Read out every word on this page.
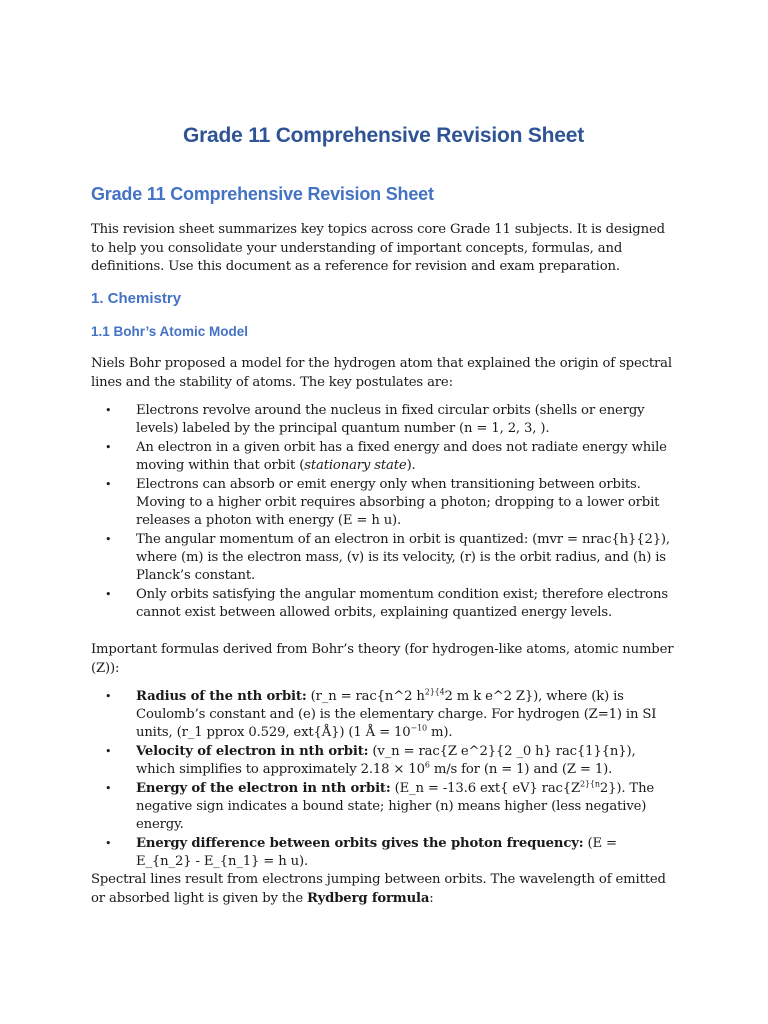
Grade 11 Comprehensive Revision Sheet
Grade 11 Comprehensive Revision Sheet

This revision sheet summarizes key topics across core Grade 11 subjects. It is designed to help you consolidate your understanding of important concepts, formulas, and definitions. Use this document as a reference for revision and exam preparation.

1. Chemistry
1.1 Bohr’s Atomic Model

Niels Bohr proposed a model for the hydrogen atom that explained the origin of spectral lines and the stability of atoms. The key postulates are:

• Electrons revolve around the nucleus in fixed circular orbits (shells or energy levels) labeled by the principal quantum number (n = 1, 2, 3, ).
• An electron in a given orbit has a fixed energy and does not radiate energy while moving within that orbit (stationary state).
• Electrons can absorb or emit energy only when transitioning between orbits. Moving to a higher orbit requires absorbing a photon; dropping to a lower orbit releases a photon with energy (E = h u).
• The angular momentum of an electron in orbit is quantized: (mvr = nrac{h}{2}), where (m) is the electron mass, (v) is its velocity, (r) is the orbit radius, and (h) is Planck’s constant.
• Only orbits satisfying the angular momentum condition exist; therefore electrons cannot exist between allowed orbits, explaining quantized energy levels.

Important formulas derived from Bohr’s theory (for hydrogen-like atoms, atomic number (Z)):

• Radius of the nth orbit: (r_n = rac{n^2 $h^{2\}\{4}2$ m k e^2 Z}), where (k) is Coulomb’s constant and (e) is the elementary charge. For hydrogen (Z=1) in SI units, (r_1 pprox 0.529, ext{Å}) (1 Å = $10^{-10}$ m).
• Velocity of electron in nth orbit: (v_n = rac{Z e^2}{2 _0 h} rac{1}{n}), which simplifies to approximately $2.18 \times 10^6$ m/s for (n = 1) and (Z = 1).
• Energy of the electron in nth orbit: (E_n = -13.6 ext{ eV} $rac\{Z^{2\}\{n}2\}$). The negative sign indicates a bound state; higher (n) means higher (less negative) energy.
• Energy difference between orbits gives the photon frequency: (E = E_{n_2} - E_{n_1} = h u).

Spectral lines result from electrons jumping between orbits. The wavelength of emitted or absorbed light is given by the Rydberg formula:
